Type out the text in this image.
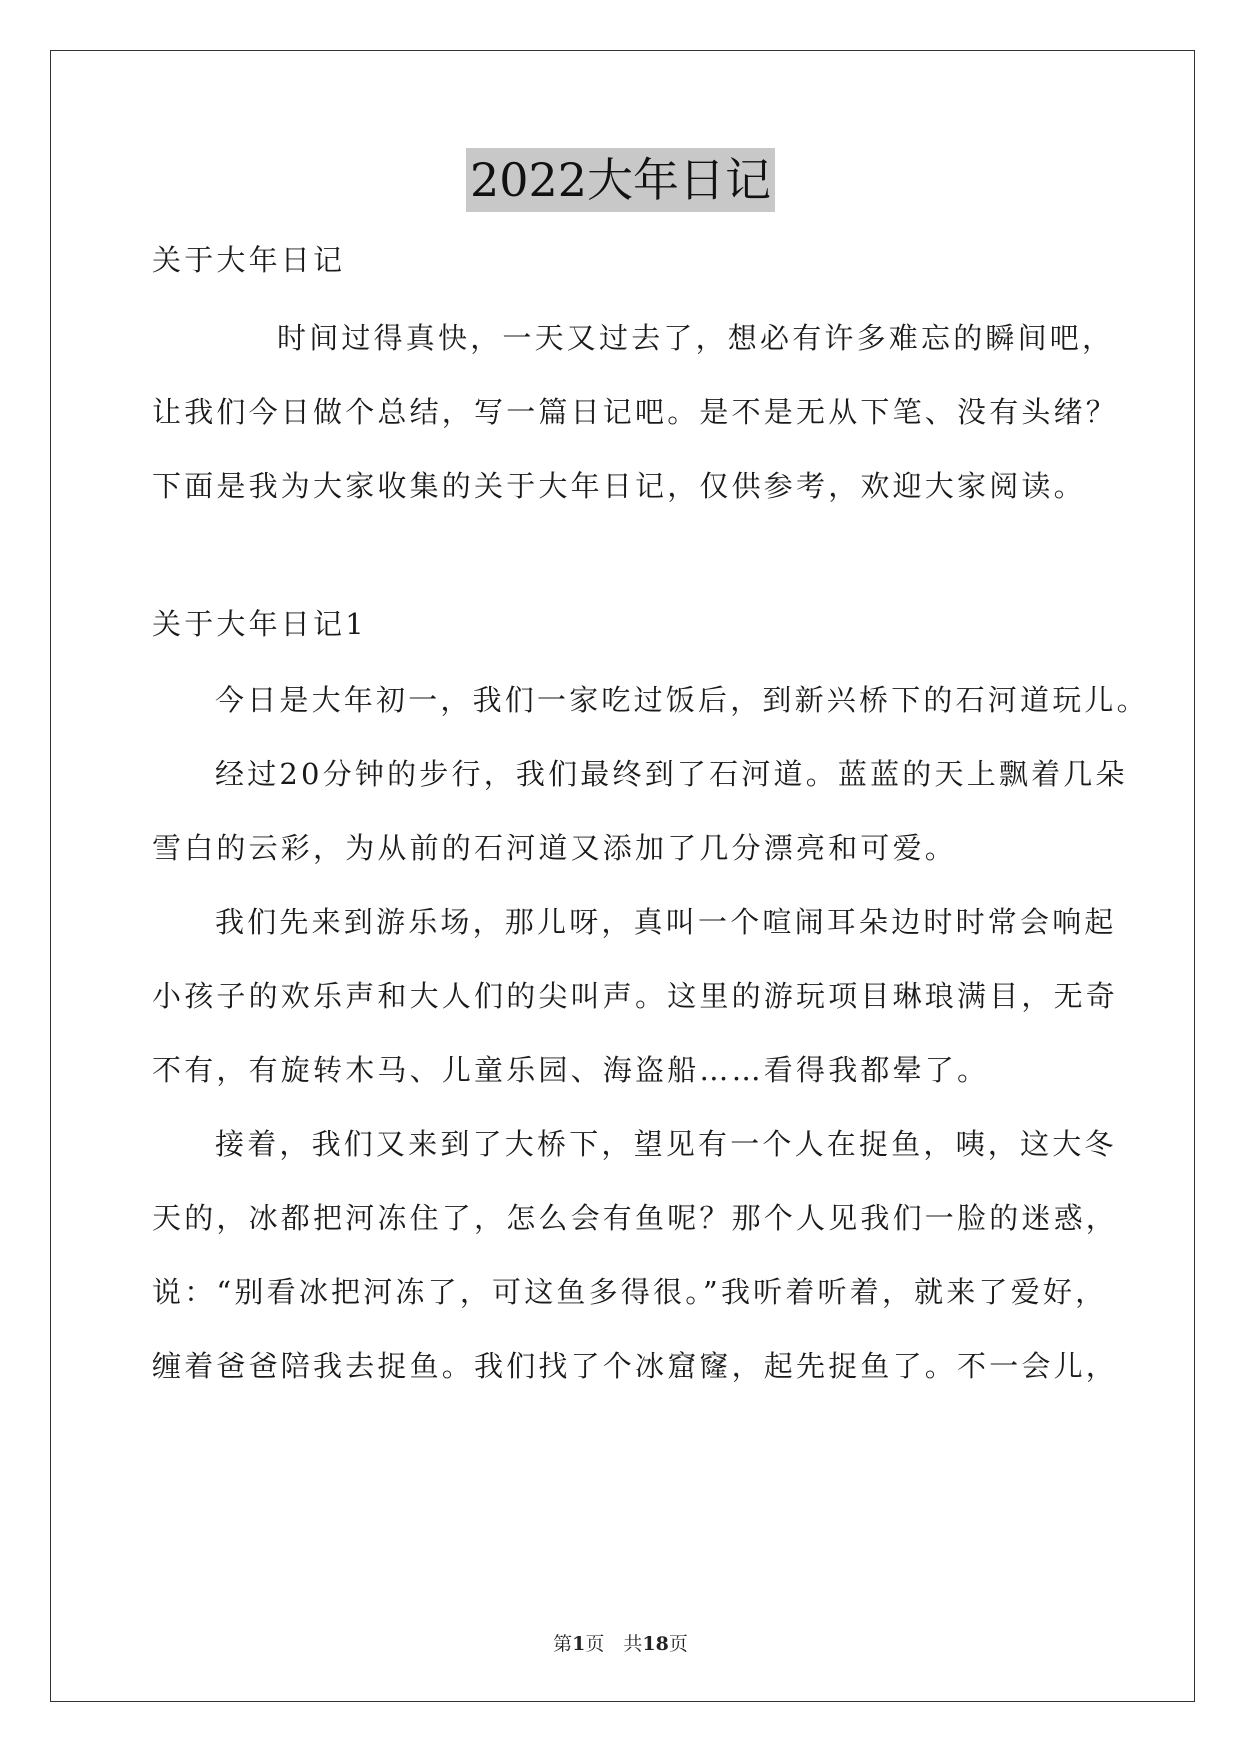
2022大年日记
关于大年日记
时间过得真快，一天又过去了，想必有许多难忘的瞬间吧，
让我们今日做个总结，写一篇日记吧。是不是无从下笔、没有头绪？
下面是我为大家收集的关于大年日记，仅供参考，欢迎大家阅读。
关于大年日记1
今日是大年初一，我们一家吃过饭后，到新兴桥下的石河道玩儿。
经过20分钟的步行，我们最终到了石河道。蓝蓝的天上飘着几朵
雪白的云彩，为从前的石河道又添加了几分漂亮和可爱。
我们先来到游乐场，那儿呀，真叫一个喧闹耳朵边时时常会响起
小孩子的欢乐声和大人们的尖叫声。这里的游玩项目琳琅满目，无奇
不有，有旋转木马、儿童乐园、海盗船……看得我都晕了。
接着，我们又来到了大桥下，望见有一个人在捉鱼，咦，这大冬
天的，冰都把河冻住了，怎么会有鱼呢？那个人见我们一脸的迷惑，
说：“别看冰把河冻了，可这鱼多得很。”我听着听着，就来了爱好，
缠着爸爸陪我去捉鱼。我们找了个冰窟窿，起先捉鱼了。不一会儿，
第1页　共18页
